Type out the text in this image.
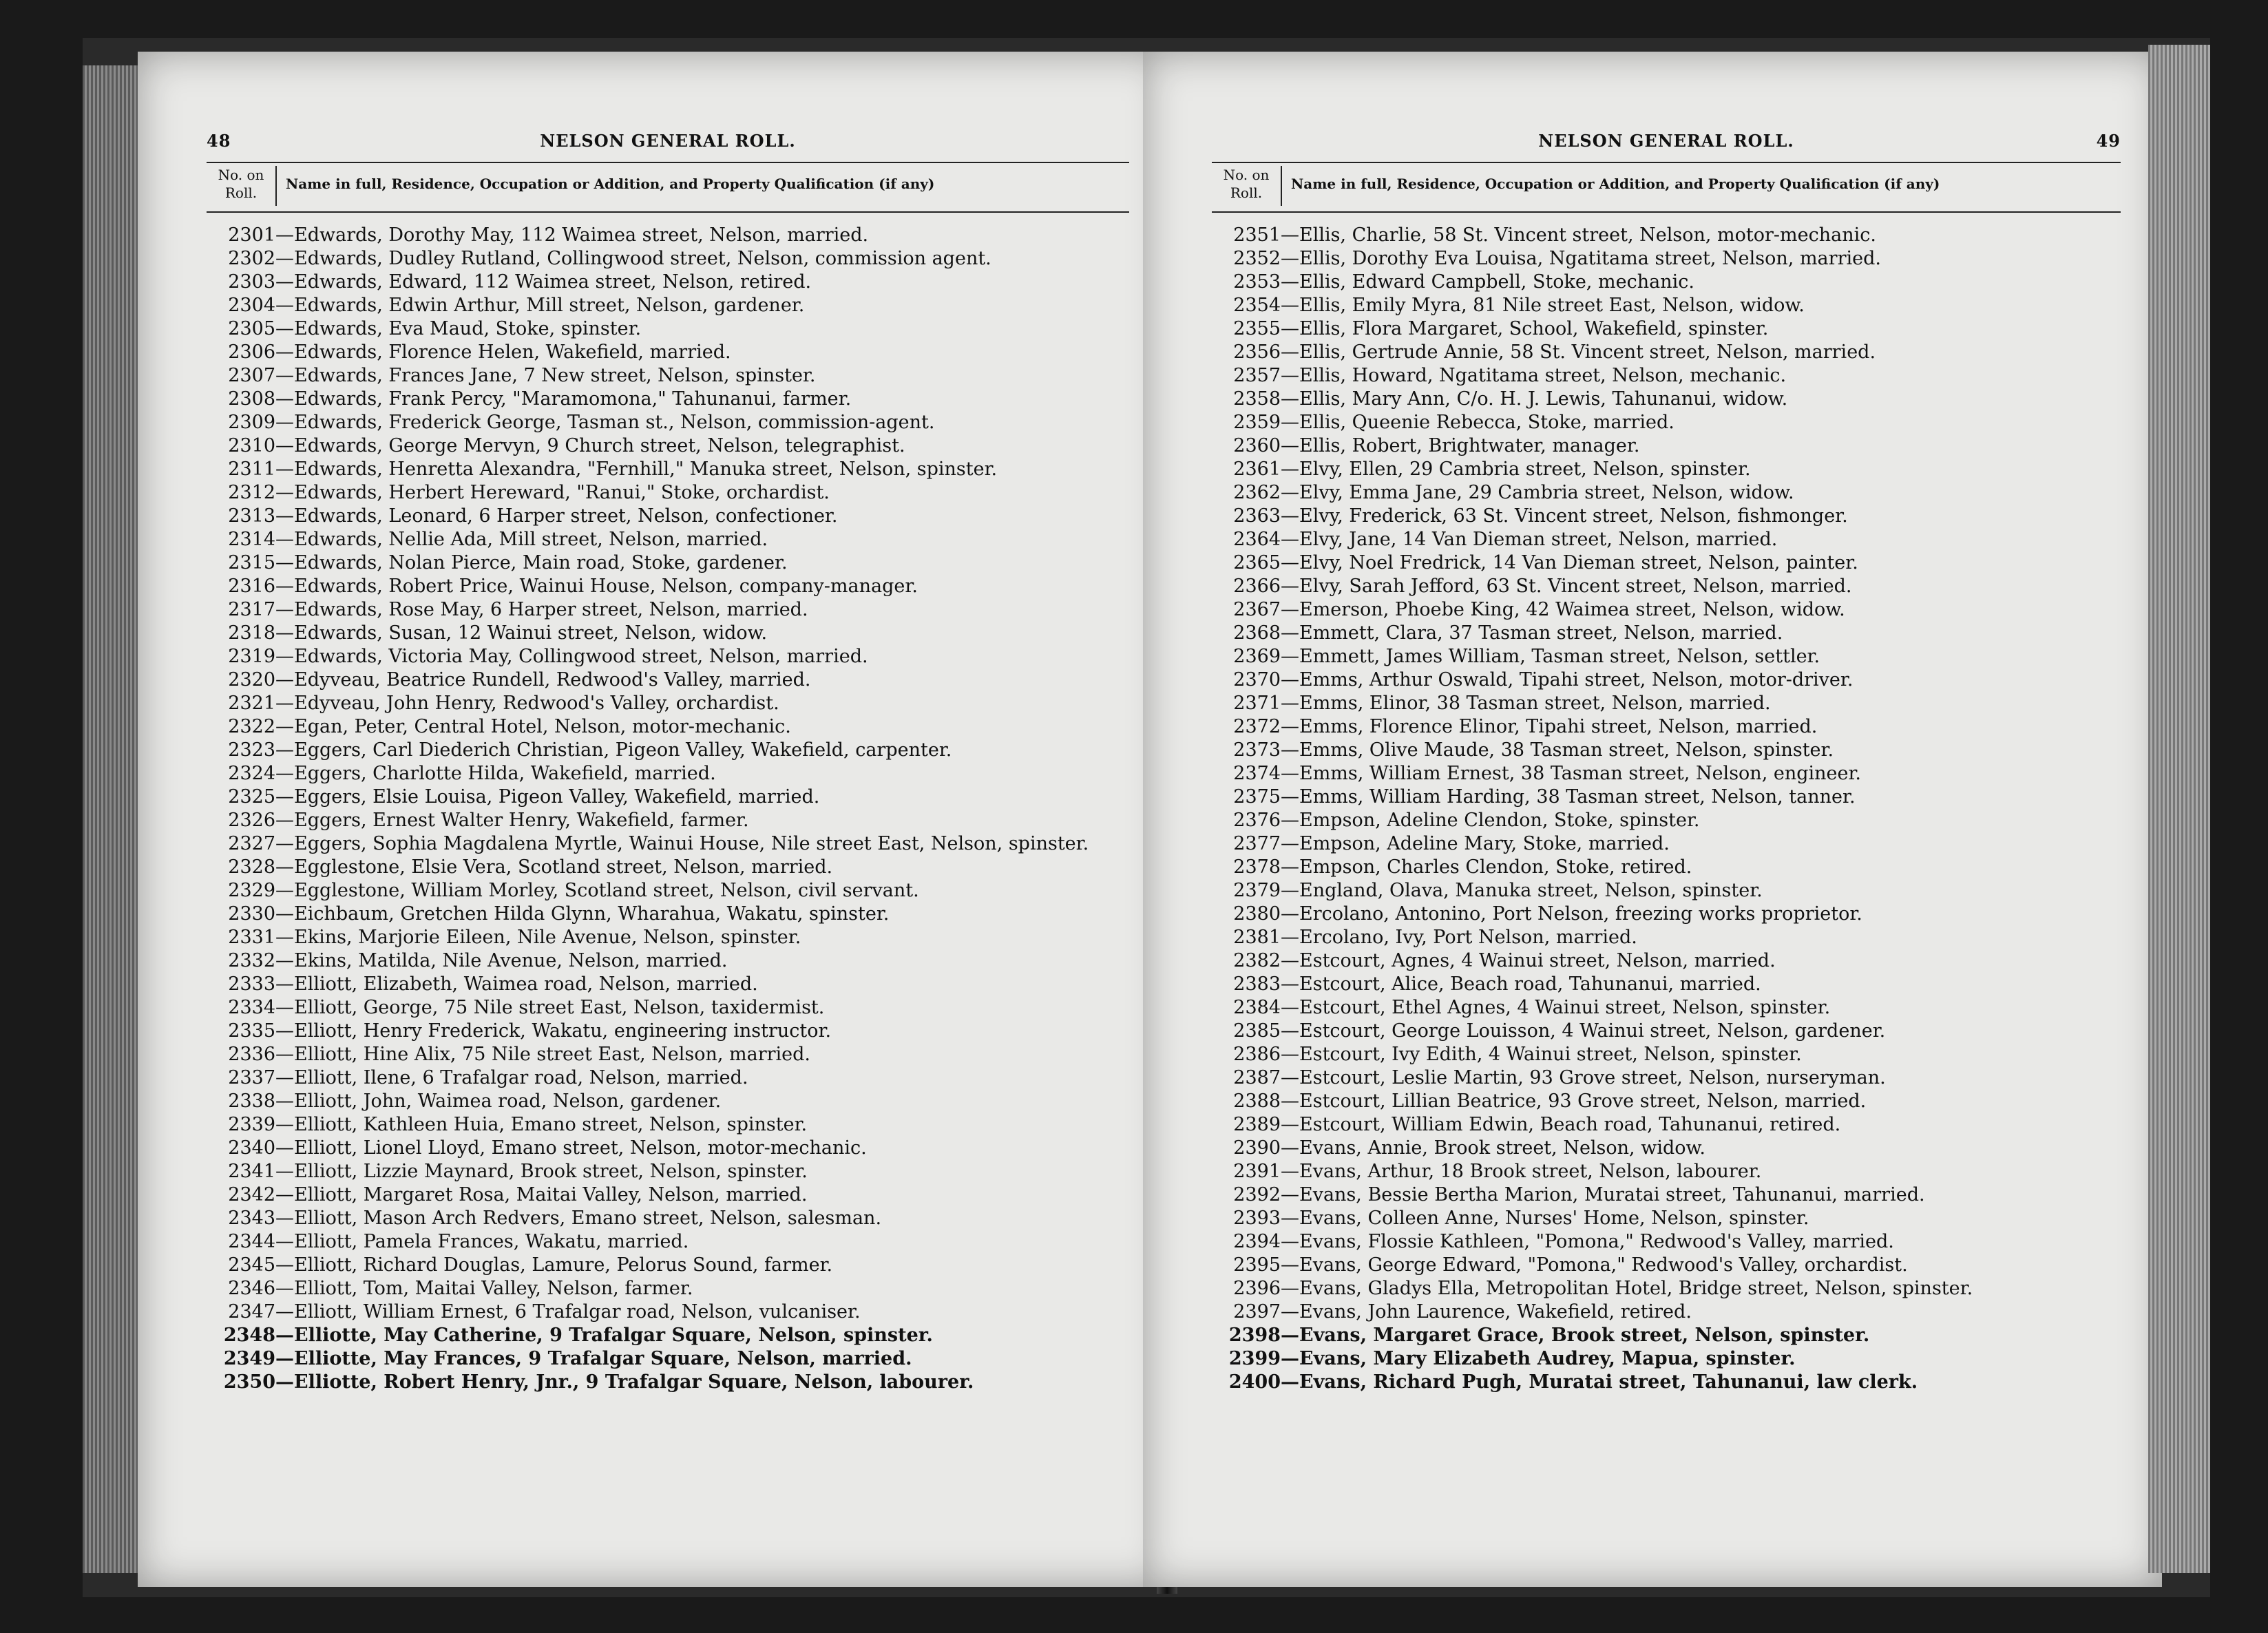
48	NELSON GENERAL ROLL.
No. on Roll.
Name in full, Residence, Occupation or Addition, and Property Qualification (if any)
2301 —Edwards, Dorothy May, 112 Waimea street, Nelson, married.
2302 —Edwards, Dudley Rutland, Collingwood street, Nelson, commission agent.
2303 —Edwards, Edward, 112 Waimea street, Nelson, retired.
2304 —Edwards, Edwin Arthur, Mill street, Nelson, gardener.
2305 —Edwards, Eva Maud, Stoke, spinster.
2306 —Edwards, Florence Helen, Wakefield, married.
2307 —Edwards, Frances Jane, 7 New street, Nelson, spinster.
2308 —Edwards, Frank Percy, "Maramomona," Tahunanui, farmer.
2309 —Edwards, Frederick George, Tasman st., Nelson, commission-agent.
2310 —Edwards, George Mervyn, 9 Church street, Nelson, telegraphist.
2311 —Edwards, Henretta Alexandra, "Fernhill," Manuka street, Nelson, spinster.
2312 —Edwards, Herbert Hereward, "Ranui," Stoke, orchardist.
2313 —Edwards, Leonard, 6 Harper street, Nelson, confectioner.
2314 —Edwards, Nellie Ada, Mill street, Nelson, married.
2315 —Edwards, Nolan Pierce, Main road, Stoke, gardener.
2316 —Edwards, Robert Price, Wainui House, Nelson, company-manager.
2317 —Edwards, Rose May, 6 Harper street, Nelson, married.
2318 —Edwards, Susan, 12 Wainui street, Nelson, widow.
2319 —Edwards, Victoria May, Collingwood street, Nelson, married.
2320 —Edyveau, Beatrice Rundell, Redwood's Valley, married.
2321 —Edyveau, John Henry, Redwood's Valley, orchardist.
2322 —Egan, Peter, Central Hotel, Nelson, motor-mechanic.
2323 —Eggers, Carl Diederich Christian, Pigeon Valley, Wakefield, carpenter.
2324 —Eggers, Charlotte Hilda, Wakefield, married.
2325 —Eggers, Elsie Louisa, Pigeon Valley, Wakefield, married.
2326 —Eggers, Ernest Walter Henry, Wakefield, farmer.
2327 —Eggers, Sophia Magdalena Myrtle, Wainui House, Nile street East, Nelson, spinster.
2328 —Egglestone, Elsie Vera, Scotland street, Nelson, married.
2329 —Egglestone, William Morley, Scotland street, Nelson, civil servant.
2330 —Eichbaum, Gretchen Hilda Glynn, Wharahua, Wakatu, spinster.
2331 —Ekins, Marjorie Eileen, Nile Avenue, Nelson, spinster.
2332 —Ekins, Matilda, Nile Avenue, Nelson, married.
2333 —Elliott, Elizabeth, Waimea road, Nelson, married.
2334 —Elliott, George, 75 Nile street East, Nelson, taxidermist.
2335 —Elliott, Henry Frederick, Wakatu, engineering instructor.
2336 —Elliott, Hine Alix, 75 Nile street East, Nelson, married.
2337 —Elliott, Ilene, 6 Trafalgar road, Nelson, married.
2338 —Elliott, John, Waimea road, Nelson, gardener.
2339 —Elliott, Kathleen Huia, Emano street, Nelson, spinster.
2340 —Elliott, Lionel Lloyd, Emano street, Nelson, motor-mechanic.
2341 —Elliott, Lizzie Maynard, Brook street, Nelson, spinster.
2342 —Elliott, Margaret Rosa, Maitai Valley, Nelson, married.
2343 —Elliott, Mason Arch Redvers, Emano street, Nelson, salesman.
2344 —Elliott, Pamela Frances, Wakatu, married.
2345 —Elliott, Richard Douglas, Lamure, Pelorus Sound, farmer.
2346 —Elliott, Tom, Maitai Valley, Nelson, farmer.
2347 —Elliott, William Ernest, 6 Trafalgar road, Nelson, vulcaniser.
2348 —Elliotte, May Catherine, 9 Trafalgar Square, Nelson, spinster.
2349 —Elliotte, May Frances, 9 Trafalgar Square, Nelson, married.
2350 —Elliotte, Robert Henry, Jnr., 9 Trafalgar Square, Nelson, labourer.
NELSON GENERAL ROLL.	49
No. on Roll.
Name in full, Residence, Occupation or Addition, and Property Qualification (if any)
2351 —Ellis, Charlie, 58 St. Vincent street, Nelson, motor-mechanic.
2352 —Ellis, Dorothy Eva Louisa, Ngatitama street, Nelson, married.
2353 —Ellis, Edward Campbell, Stoke, mechanic.
2354 —Ellis, Emily Myra, 81 Nile street East, Nelson, widow.
2355 —Ellis, Flora Margaret, School, Wakefield, spinster.
2356 —Ellis, Gertrude Annie, 58 St. Vincent street, Nelson, married.
2357 —Ellis, Howard, Ngatitama street, Nelson, mechanic.
2358 —Ellis, Mary Ann, C/o. H. J. Lewis, Tahunanui, widow.
2359 —Ellis, Queenie Rebecca, Stoke, married.
2360 —Ellis, Robert, Brightwater, manager.
2361 —Elvy, Ellen, 29 Cambria street, Nelson, spinster.
2362 —Elvy, Emma Jane, 29 Cambria street, Nelson, widow.
2363 —Elvy, Frederick, 63 St. Vincent street, Nelson, fishmonger.
2364 —Elvy, Jane, 14 Van Dieman street, Nelson, married.
2365 —Elvy, Noel Fredrick, 14 Van Dieman street, Nelson, painter.
2366 —Elvy, Sarah Jefford, 63 St. Vincent street, Nelson, married.
2367 —Emerson, Phoebe King, 42 Waimea street, Nelson, widow.
2368 —Emmett, Clara, 37 Tasman street, Nelson, married.
2369 —Emmett, James William, Tasman street, Nelson, settler.
2370 —Emms, Arthur Oswald, Tipahi street, Nelson, motor-driver.
2371 —Emms, Elinor, 38 Tasman street, Nelson, married.
2372 —Emms, Florence Elinor, Tipahi street, Nelson, married.
2373 —Emms, Olive Maude, 38 Tasman street, Nelson, spinster.
2374 —Emms, William Ernest, 38 Tasman street, Nelson, engineer.
2375 —Emms, William Harding, 38 Tasman street, Nelson, tanner.
2376 —Empson, Adeline Clendon, Stoke, spinster.
2377 —Empson, Adeline Mary, Stoke, married.
2378 —Empson, Charles Clendon, Stoke, retired.
2379 —England, Olava, Manuka street, Nelson, spinster.
2380 —Ercolano, Antonino, Port Nelson, freezing works proprietor.
2381 —Ercolano, Ivy, Port Nelson, married.
2382 —Estcourt, Agnes, 4 Wainui street, Nelson, married.
2383 —Estcourt, Alice, Beach road, Tahunanui, married.
2384 —Estcourt, Ethel Agnes, 4 Wainui street, Nelson, spinster.
2385 —Estcourt, George Louisson, 4 Wainui street, Nelson, gardener.
2386 —Estcourt, Ivy Edith, 4 Wainui street, Nelson, spinster.
2387 —Estcourt, Leslie Martin, 93 Grove street, Nelson, nurseryman.
2388 —Estcourt, Lillian Beatrice, 93 Grove street, Nelson, married.
2389 —Estcourt, William Edwin, Beach road, Tahunanui, retired.
2390 —Evans, Annie, Brook street, Nelson, widow.
2391 —Evans, Arthur, 18 Brook street, Nelson, labourer.
2392 —Evans, Bessie Bertha Marion, Muratai street, Tahunanui, married.
2393 —Evans, Colleen Anne, Nurses' Home, Nelson, spinster.
2394 —Evans, Flossie Kathleen, "Pomona," Redwood's Valley, married.
2395 —Evans, George Edward, "Pomona," Redwood's Valley, orchardist.
2396 —Evans, Gladys Ella, Metropolitan Hotel, Bridge street, Nelson, spinster.
2397 —Evans, John Laurence, Wakefield, retired.
2398 —Evans, Margaret Grace, Brook street, Nelson, spinster.
2399 —Evans, Mary Elizabeth Audrey, Mapua, spinster.
2400 —Evans, Richard Pugh, Muratai street, Tahunanui, law clerk.
